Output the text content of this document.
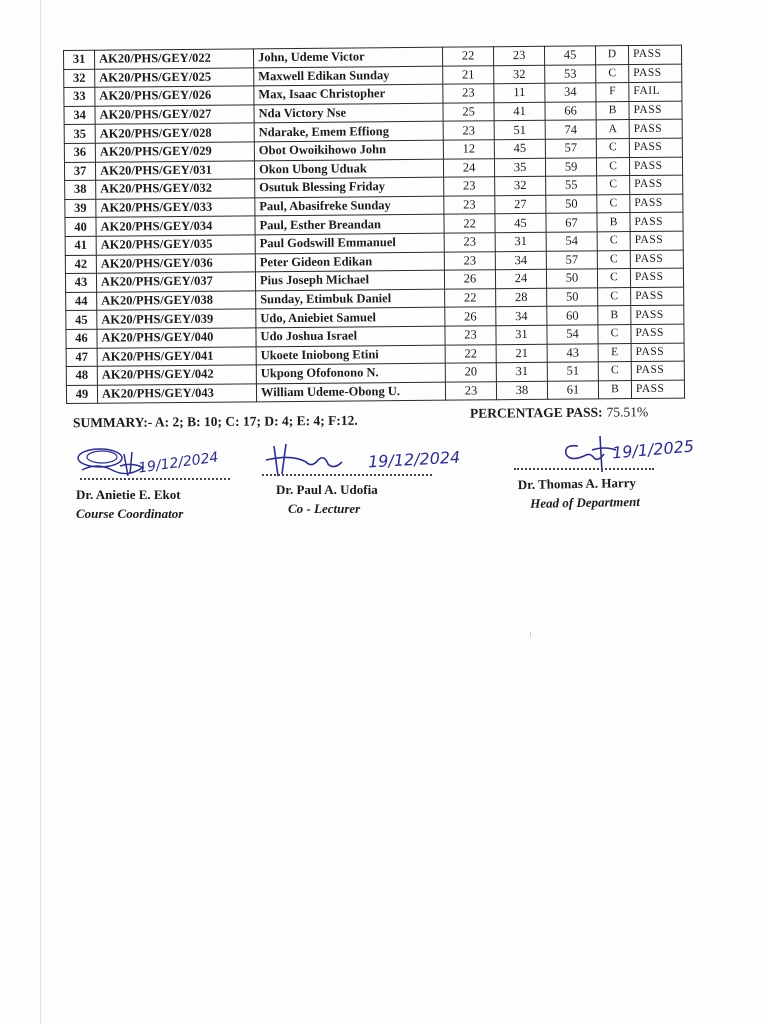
31	AK20/PHS/GEY/022	John, Udeme Victor	22	23	45	D	PASS
32	AK20/PHS/GEY/025	Maxwell Edikan Sunday	21	32	53	C	PASS
33	AK20/PHS/GEY/026	Max, Isaac Christopher	23	11	34	F	FAIL
34	AK20/PHS/GEY/027	Nda Victory Nse	25	41	66	B	PASS
35	AK20/PHS/GEY/028	Ndarake, Emem Effiong	23	51	74	A	PASS
36	AK20/PHS/GEY/029	Obot Owoikihowo John	12	45	57	C	PASS
37	AK20/PHS/GEY/031	Okon Ubong Uduak	24	35	59	C	PASS
38	AK20/PHS/GEY/032	Osutuk Blessing Friday	23	32	55	C	PASS
39	AK20/PHS/GEY/033	Paul, Abasifreke Sunday	23	27	50	C	PASS
40	AK20/PHS/GEY/034	Paul, Esther Breandan	22	45	67	B	PASS
41	AK20/PHS/GEY/035	Paul Godswill Emmanuel	23	31	54	C	PASS
42	AK20/PHS/GEY/036	Peter Gideon Edikan	23	34	57	C	PASS
43	AK20/PHS/GEY/037	Pius Joseph Michael	26	24	50	C	PASS
44	AK20/PHS/GEY/038	Sunday, Etimbuk Daniel	22	28	50	C	PASS
45	AK20/PHS/GEY/039	Udo, Aniebiet Samuel	26	34	60	B	PASS
46	AK20/PHS/GEY/040	Udo Joshua Israel	23	31	54	C	PASS
47	AK20/PHS/GEY/041	Ukoete Iniobong Etini	22	21	43	E	PASS
48	AK20/PHS/GEY/042	Ukpong Ofofonono N.	20	31	51	C	PASS
49	AK20/PHS/GEY/043	William Udeme-Obong U.	23	38	61	B	PASS
SUMMARY:- A: 2; B: 10; C: 17; D: 4; E: 4; F:12.
PERCENTAGE PASS: 75.51%
19/12/2024
Dr. Anietie E. Ekot
Course Coordinator
19/12/2024
Dr. Paul A. Udofia
Co - Lecturer
19/1/2025
Dr. Thomas A. Harry
Head of Department
